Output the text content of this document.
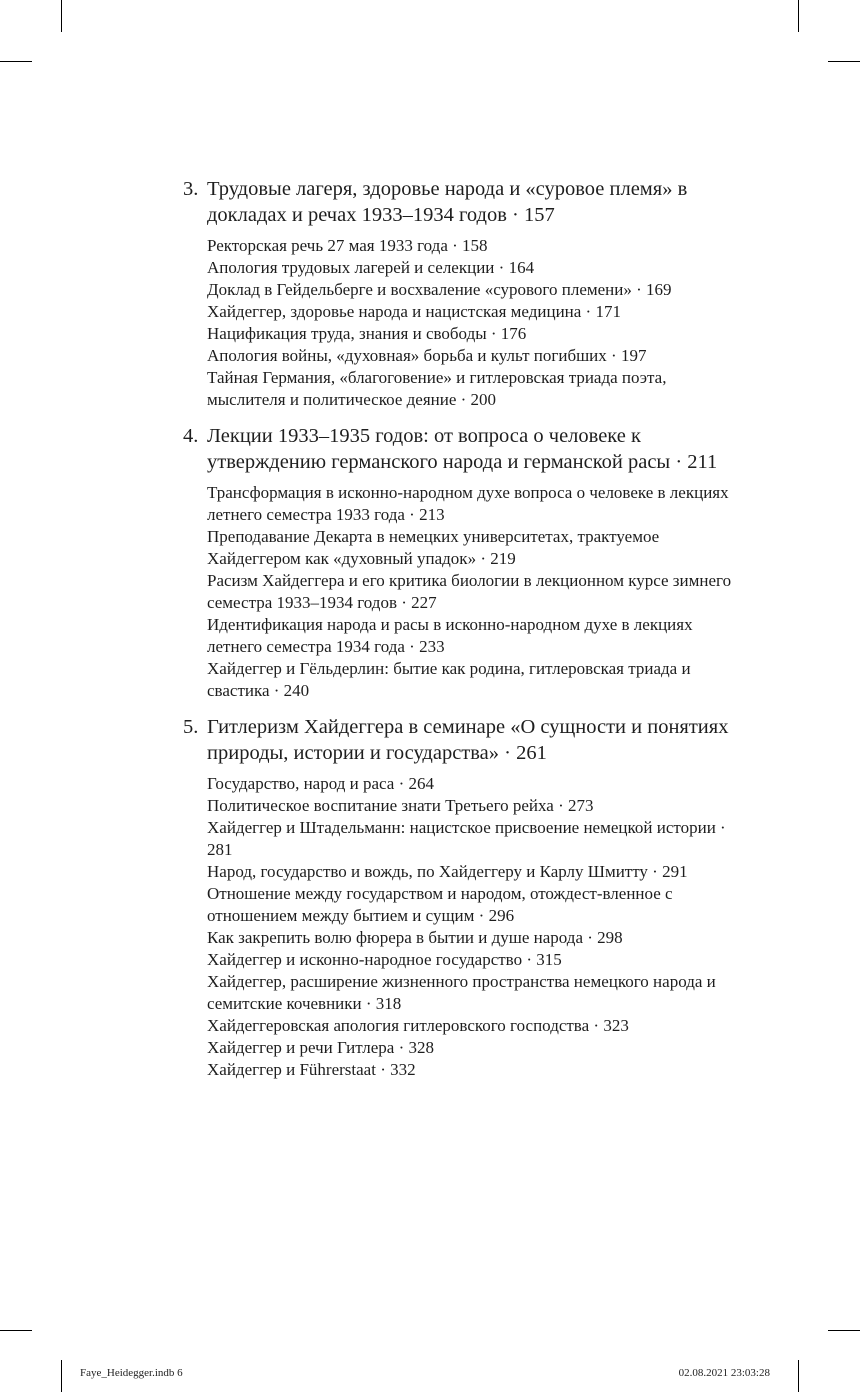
3. Трудовые лагеря, здоровье народа и «суровое племя» в докладах и речах 1933–1934 годов · 157
Ректорская речь 27 мая 1933 года · 158
Апология трудовых лагерей и селекции · 164
Доклад в Гейдельберге и восхваление «сурового племени» · 169
Хайдеггер, здоровье народа и нацистская медицина · 171
Нацификация труда, знания и свободы · 176
Апология войны, «духовная» борьба и культ погибших · 197
Тайная Германия, «благоговение» и гитлеровская триада поэта, мыслителя и политическое деяние · 200
4. Лекции 1933–1935 годов: от вопроса о человеке к утверждению германского народа и германской расы · 211
Трансформация в исконно-народном духе вопроса о человеке в лекциях летнего семестра 1933 года · 213
Преподавание Декарта в немецких университетах, трактуемое Хайдеггером как «духовный упадок» · 219
Расизм Хайдеггера и его критика биологии в лекционном курсе зимнего семестра 1933–1934 годов · 227
Идентификация народа и расы в исконно-народном духе в лекциях летнего семестра 1934 года · 233
Хайдеггер и Гёльдерлин: бытие как родина, гитлеровская триада и свастика · 240
5. Гитлеризм Хайдеггера в семинаре «О сущности и понятиях природы, истории и государства» · 261
Государство, народ и раса · 264
Политическое воспитание знати Третьего рейха · 273
Хайдеггер и Штадельманн: нацистское присвоение немецкой истории · 281
Народ, государство и вождь, по Хайдеггеру и Карлу Шмитту · 291
Отношение между государством и народом, отождест-вленное с отношением между бытием и сущим · 296
Как закрепить волю фюрера в бытии и душе народа · 298
Хайдеггер и исконно-народное государство · 315
Хайдеггер, расширение жизненного пространства немецкого народа и семитские кочевники · 318
Хайдеггеровская апология гитлеровского господства · 323
Хайдеггер и речи Гитлера · 328
Хайдеггер и Führerstaat · 332
Faye_Heidegger.indb 6	02.08.2021 23:03:28
